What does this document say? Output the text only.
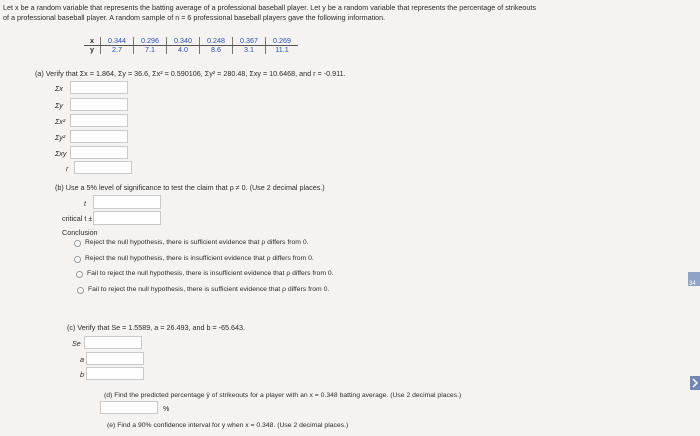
Let x be a random variable that represents the batting average of a professional baseball player. Let y be a random variable that represents the percentage of strikeouts
of a professional baseball player. A random sample of n = 6 professional baseball players gave the following information.
x	0.344	0.296	0.340	0.248	0.367	0.269
y	2.7	7.1	4.0	8.6	3.1	11.1
(a) Verify that Σx = 1.864, Σy = 36.6, Σx² = 0.590106, Σy² = 280.48, Σxy = 10.6468, and r = -0.911.
Σx
Σy
Σx²
Σy²
Σxy
r
(b) Use a 5% level of significance to test the claim that ρ ≠ 0. (Use 2 decimal places.)
t
critical t ±
Conclusion
Reject the null hypothesis, there is sufficient evidence that ρ differs from 0.
Reject the null hypothesis, there is insufficient evidence that ρ differs from 0.
Fail to reject the null hypothesis, there is insufficient evidence that ρ differs from 0.
Fail to reject the null hypothesis, there is sufficient evidence that ρ differs from 0.
(c) Verify that Se = 1.5589, a = 26.493, and b = -65.643.
Se
a
b
(d) Find the predicted percentage ŷ of strikeouts for a player with an x = 0.348 batting average. (Use 2 decimal places.)
%
(e) Find a 90% confidence interval for y when x = 0.348. (Use 2 decimal places.)
34
